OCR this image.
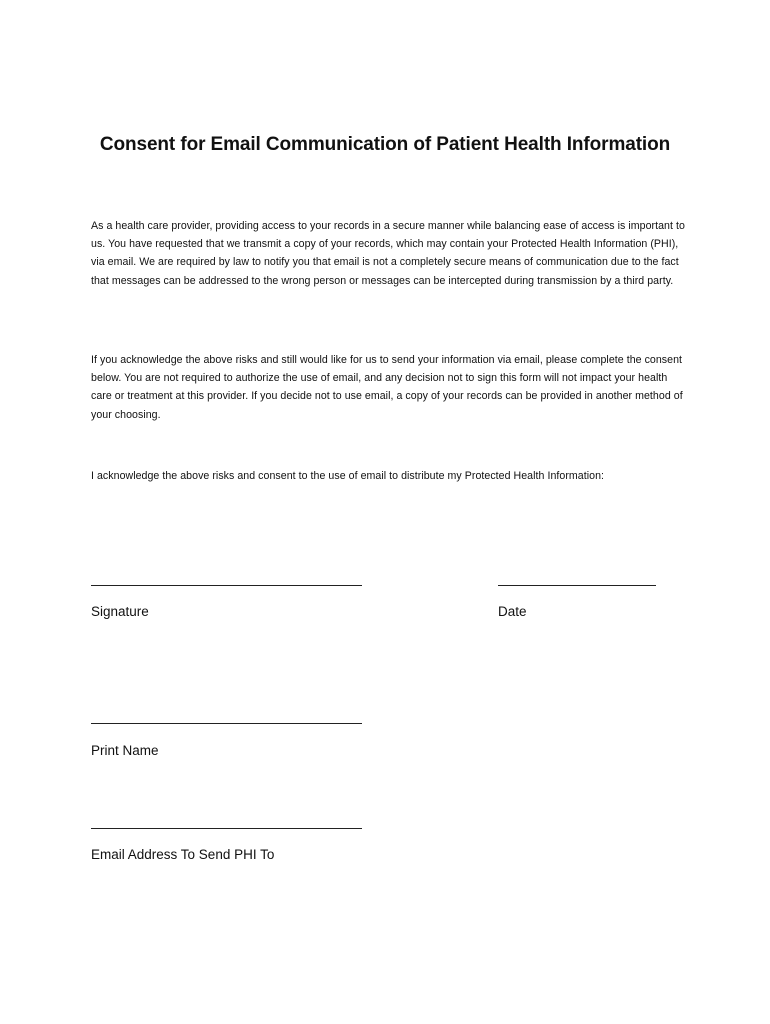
Consent for Email Communication of Patient Health Information

As a health care provider, providing access to your records in a secure manner while balancing ease of access is important to us. You have requested that we transmit a copy of your records, which may contain your Protected Health Information (PHI), via email. We are required by law to notify you that email is not a completely secure means of communication due to the fact that messages can be addressed to the wrong person or messages can be intercepted during transmission by a third party.

If you acknowledge the above risks and still would like for us to send your information via email, please complete the consent below. You are not required to authorize the use of email, and any decision not to sign this form will not impact your health care or treatment at this provider. If you decide not to use email, a copy of your records can be provided in another method of your choosing.

I acknowledge the above risks and consent to the use of email to distribute my Protected Health Information:

Signature	Date

Print Name

Email Address To Send PHI To
